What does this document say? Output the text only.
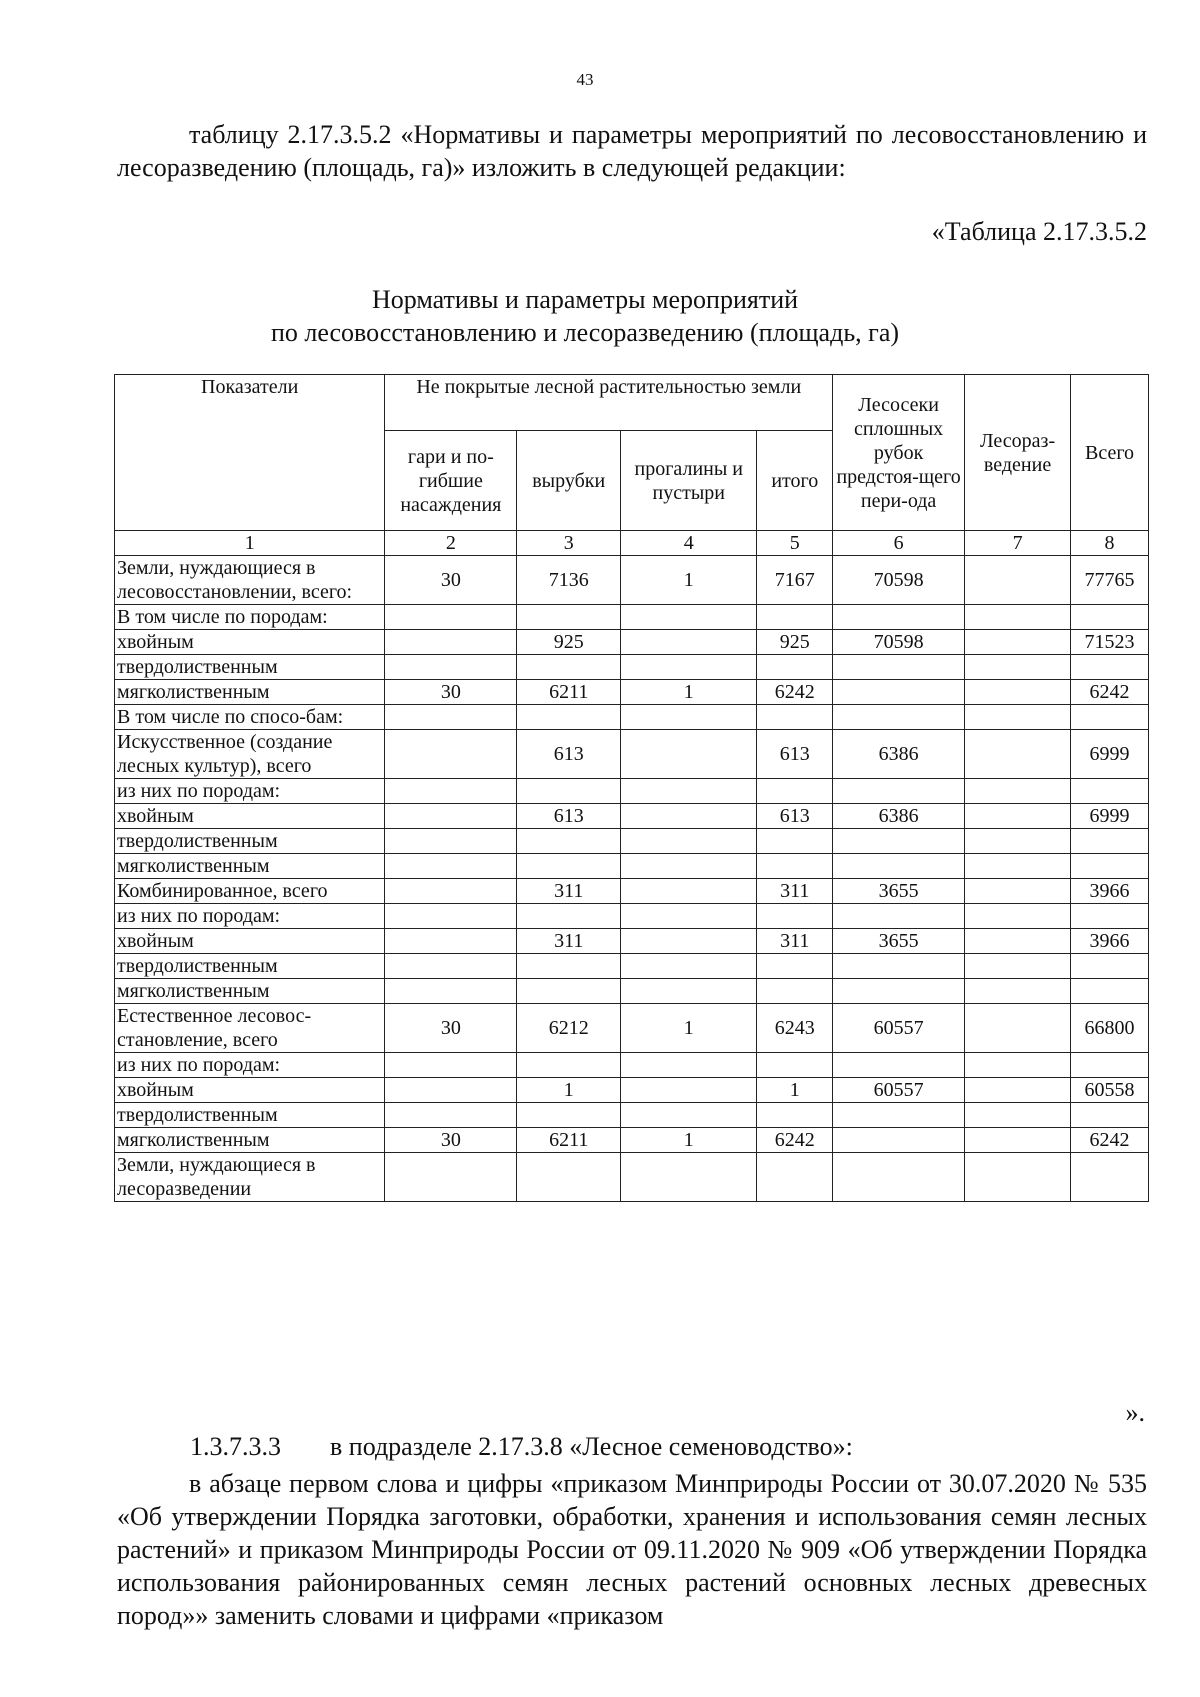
43
таблицу 2.17.3.5.2 «Нормативы и параметры мероприятий по лесовосстановлению и лесоразведению (площадь, га)» изложить в следующей редакции:
«Таблица 2.17.3.5.2
Нормативы и параметры мероприятий
по лесовосстановлению и лесоразведению (площадь, га)
Показатели	Не покрытые лесной растительностью земли				Лесосеки сплошных рубок предстоя-щего пери-ода	Лесораз-ведение	Всего
	гари и по-гибшие насаждения	вырубки	прогалины и пустыри	итого			
1	2	3	4	5	6	7	8
Земли, нуждающиеся в лесовосстановлении, всего:	30	7136	1	7167	70598		77765
В том числе по породам:							
хвойным		925		925	70598		71523
твердолиственным							
мягколиственным	30	6211	1	6242			6242
В том числе по спосо-бам:							
Искусственное (создание лесных культур), всего		613		613	6386		6999
из них по породам:							
хвойным		613		613	6386		6999
твердолиственным							
мягколиственным							
Комбинированное, всего		311		311	3655		3966
из них по породам:							
хвойным		311		311	3655		3966
твердолиственным							
мягколиственным							
Естественное лесовос-становление, всего	30	6212	1	6243	60557		66800
из них по породам:							
хвойным		1		1	60557		60558
твердолиственным							
мягколиственным	30	6211	1	6242			6242
Земли, нуждающиеся в лесоразведении							
».
1.3.7.3.3 в подразделе 2.17.3.8 «Лесное семеноводство»:
в абзаце первом слова и цифры «приказом Минприроды России от 30.07.2020 № 535 «Об утверждении Порядка заготовки, обработки, хранения и использования семян лесных растений» и приказом Минприроды России от 09.11.2020 № 909 «Об утверждении Порядка использования районированных семян лесных растений основных лесных древесных пород»» заменить словами и цифрами «приказом
